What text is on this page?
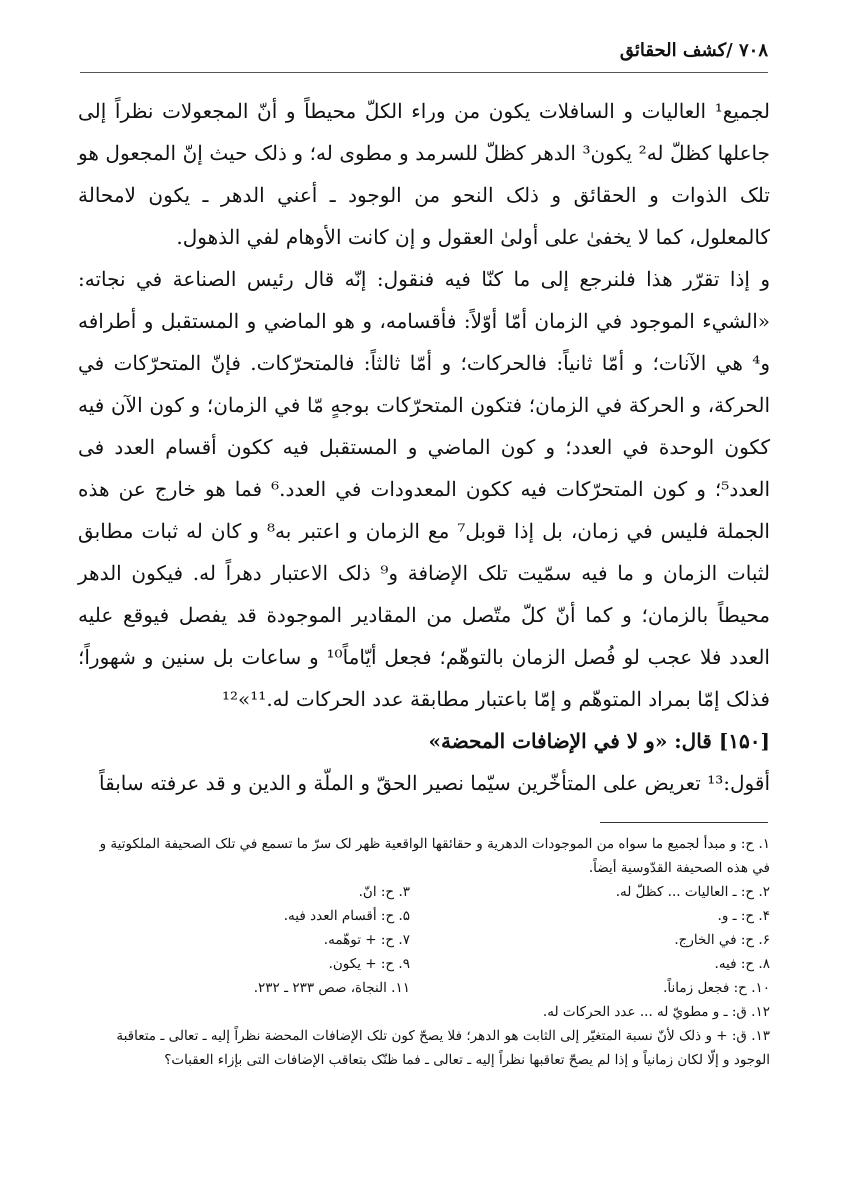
۷۰۸ /کشف الحقائق

لجمیع¹ العالیات و السافلات یکون من وراء الکلّ محیطاً و أنّ المجعولات نظراً إلی جاعلها کظلّ له² یکون³ الدهر کظلّ للسرمد و مطوی له؛ و ذلک حیث إنّ المجعول هو تلک الذوات و الحقائق و ذلک النحو من الوجود ـ أعني الدهر ـ یکون لامحالة کالمعلول، کما لا یخفیٰ علی أولیٰ العقول و إن کانت الأوهام لفي الذهول.

و إذا تقرّر هذا فلنرجع إلی ما کنّا فیه فنقول: إنّه قال رئیس الصناعة في نجاته: «الشيء الموجود في الزمان أمّا أوّلاً: فأقسامه، و هو الماضي و المستقبل و أطرافه و⁴ هي الآنات؛ و أمّا ثانیاً: فالحرکات؛ و أمّا ثالثاً: فالمتحرّکات. فإنّ المتحرّکات في الحرکة، و الحرکة في الزمان؛ فتکون المتحرّکات بوجهٍ مّا في الزمان؛ و کون الآن فیه ککون الوحدة في العدد؛ و کون الماضي و المستقبل فیه ککون أقسام العدد فی العدد⁵؛ و کون المتحرّکات فیه ککون المعدودات في العدد.⁶ فما هو خارج عن هذه الجملة فلیس في زمان، بل إذا قوبل⁷ مع الزمان و اعتبر به⁸ و کان له ثبات مطابق لثبات الزمان و ما فیه سمّیت تلک الإضافة و⁹ ذلک الاعتبار دهراً له. فیکون الدهر محیطاً بالزمان؛ و کما أنّ کلّ متّصل من المقادیر الموجودة قد یفصل فیوقع علیه العدد فلا عجب لو فُصل الزمان بالتوهّم؛ فجعل أیّاماً¹⁰ و ساعات بل سنین و شهوراً؛ فذلک إمّا بمراد المتوهّم و إمّا باعتبار مطابقة عدد الحرکات له.¹¹»¹²

[۱۵۰] قال: «و لا في الإضافات المحضة»

أقول:¹³ تعریض علی المتأخّرین سیّما نصیر الحقّ و الملّة و الدین و قد عرفته سابقاً

۱. ح: و مبدأ لجمیع ما سواه من الموجودات الدهریة و حقائقها الواقعیة ظهر لک سرّ ما تسمع في تلک الصحیفة الملکوتیة و في هذه الصحیفة القدّوسیة أیضاً.

۲. ح: ـ العالیات ... کظلّ له.

۳. ح: انّ.

۴. ح: ـ و.

۵. ح: أقسام العدد فیه.

۶. ح: في الخارج.

۷. ح: + توهّمه.

۸. ح: فیه.

۹. ح: + یکون.

۱۰. ح: فجعل زماناً.

۱۱. النجاة، صص ۲۳۳ ـ ۲۳۲.

۱۲. ق: ـ و مطويّ له ... عدد الحرکات له.

۱۳. ق: + و ذلک لأنّ نسبة المتغیّر إلی الثابت هو الدهر؛ فلا یصحّ کون تلک الإضافات المحضة نظراً إلیه ـ تعالی ـ متعاقبة الوجود و إلّا لکان زمانیاً و إذا لم یصحّ تعاقبها نظراً إلیه ـ تعالی ـ فما ظنّک بتعاقب الإضافات التی بإزاء العقبات؟
